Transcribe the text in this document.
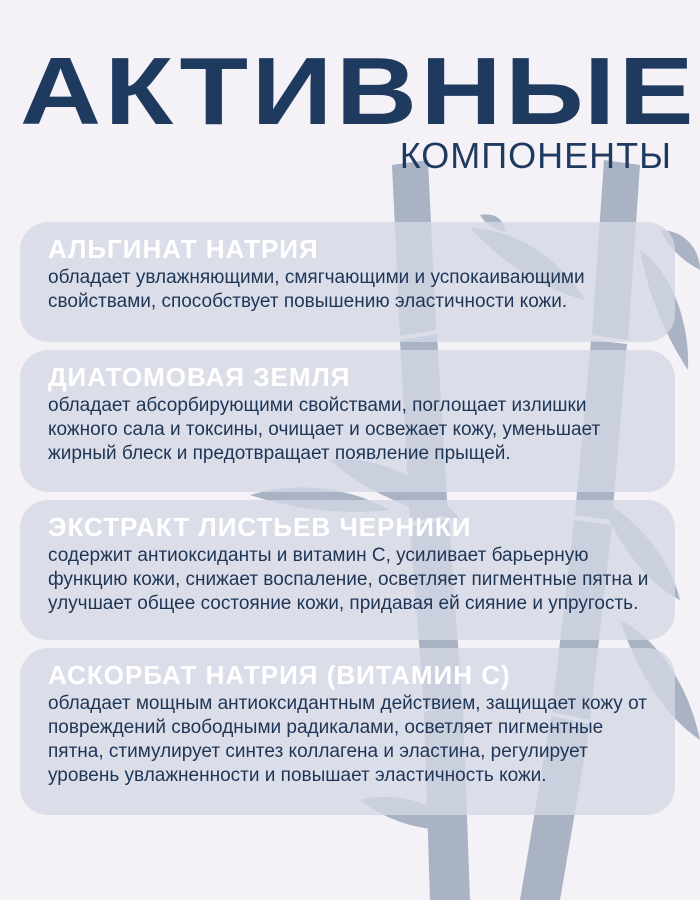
АКТИВНЫЕ
КОМПОНЕНТЫ
АЛЬГИНАТ НАТРИЯ

обладает увлажняющими, смягчающими и успокаивающими свойствами, способствует повышению эластичности кожи.

ДИАТОМОВАЯ ЗЕМЛЯ

обладает абсорбирующими свойствами, поглощает излишки кожного сала и токсины, очищает и освежает кожу, уменьшает жирный блеск и предотвращает появление прыщей.

ЭКСТРАКТ ЛИСТЬЕВ ЧЕРНИКИ

содержит антиоксиданты и витамин С, усиливает барьерную функцию кожи, снижает воспаление, осветляет пигментные пятна и улучшает общее состояние кожи, придавая ей сияние и упругость.

АСКОРБАТ НАТРИЯ (ВИТАМИН С)

обладает мощным антиоксидантным действием, защищает кожу от повреждений свободными радикалами, осветляет пигментные пятна, стимулирует синтез коллагена и эластина, регулирует уровень увлажненности и повышает эластичность кожи.
